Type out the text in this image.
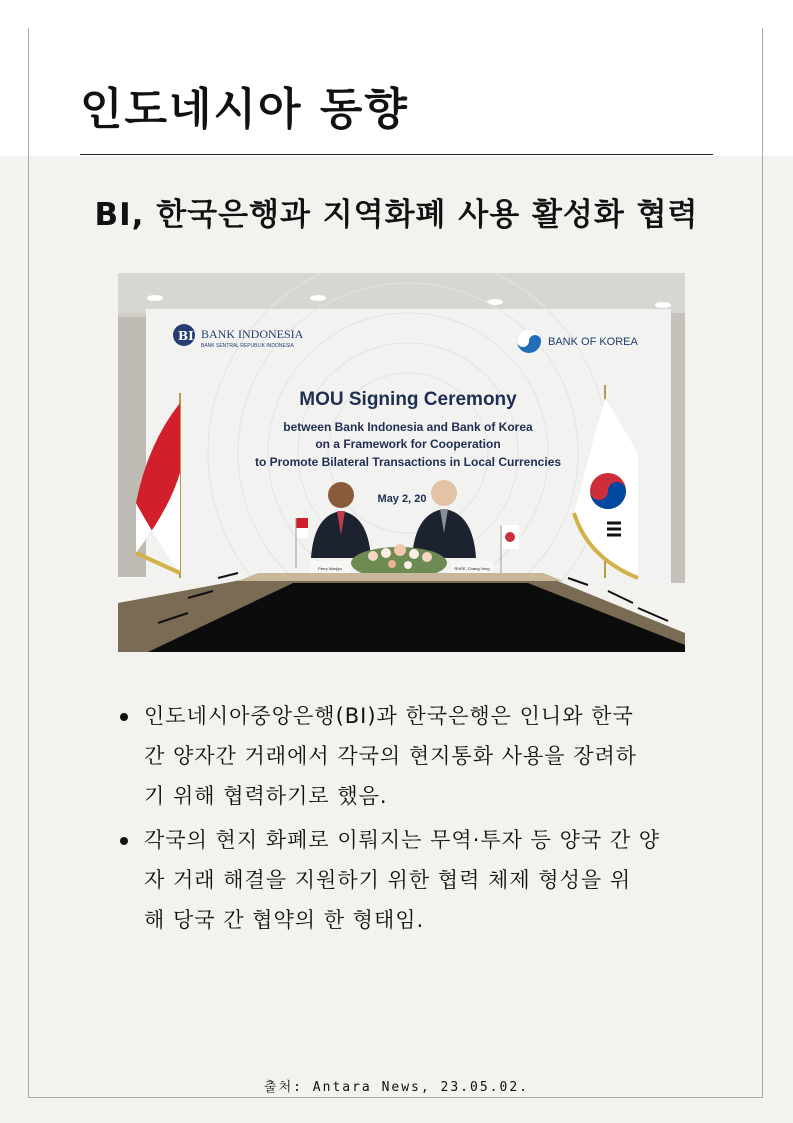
인도네시아 동향
BI, 한국은행과 지역화폐 사용 활성화 협력
BI BANK INDONESIA
BANK SENTRAL REPUBLIK INDONESIA	BANK OF KOREA
MOU Signing Ceremony
between Bank Indonesia and Bank of Korea
on a Framework for Cooperation
to Promote Bilateral Transactions in Local Currencies
May 2, 20
Perry Warjiyo	RHEE, Chang Yong
인도네시아중앙은행(BI)과 한국은행은 인니와 한국
간 양자간 거래에서 각국의 현지통화 사용을 장려하
기 위해 협력하기로 했음.
각국의 현지 화폐로 이뤄지는 무역·투자 등 양국 간 양
자 거래 해결을 지원하기 위한 협력 체제 형성을 위
해 당국 간 협약의 한 형태임.
출처: Antara News, 23.05.02.
